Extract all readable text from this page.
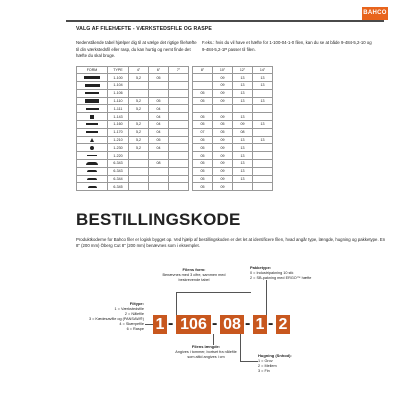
BAHCO
VALG AF FILEHÆFTE - VÆRKSTEDSFILE OG RASPE
Nedenstående tabel hjælper dig til at vælge det rigtige filehæfte til din værkstedsfil eller rasp, du kan hurtig og nemt finde det hæfte du skal bruge.
F.eks.: hvis du vil have et hæfte for 1-100-04-1-0 filen, kan du se at både 9-484-5,2-10 og 9-484-5,2-1P passer til filen.
FORM	TYPE	4"	6"	7"		8"	10"	12"	14"
	1-100	5,2	05				09	13	13
	1-104						09	13	13
	1-106					05	09	13	
	1-110	5,2	05			05	09	13	13
	1-111	5,2	04						
	1-143		04			05	09	13	
	1-160	5,2	04			05	05	09	13
	1-170	5,2	04			07	05	08	
	1-210	5,2	05			05	09	13	13
	1-230	5,2	04			05	09	13	
	1-220					05	09	13	
	6-343		08			05	09	13	
	6-343					05	09	13	
	6-344					05	09	13	
	6-345					05	09		
BESTILLINGSKODE
Produktkoderne for Bahco filer er logisk bygget op. Ved hjælp af bestillingskoden er det let at identificere filen, hvad angår type, længde, hugning og pakketype. En 8" (200 mm) Öberg Cut 8" (200 mm) benævnes som i eksemplet.
1 - 106 - 08 - 1 - 2
Filens form:
Benævnes med 3 cifre, sammen med beskrevende tabel
Pakketype:
0 = Industripakning 10 stk
2 = SB-pakning med ERGO™ hæfte
Filtype:
1 = Værkstedsfile
2 = Nålefile
3 = Kædesavfile og (PANSAW®)
4 = Skærpefile
6 = Raspe
Filens længde:
Angives i tommer, bortset fra nålefile som altid angives i cm	Hugning (Snhod):
1 = Grov
2 = Mellem
3 = Fin
